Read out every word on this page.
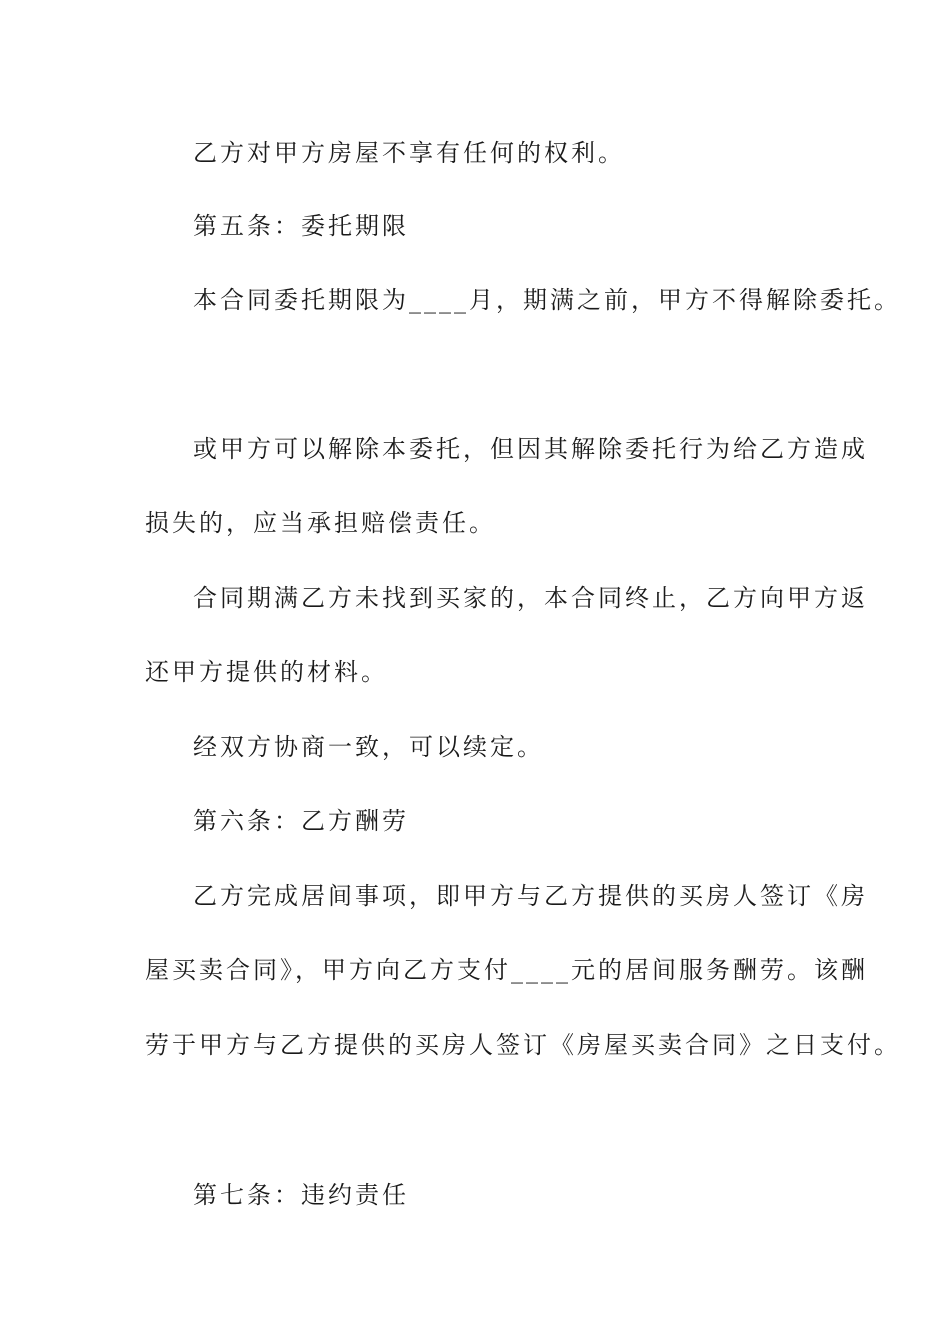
乙方对甲方房屋不享有任何的权利。
第五条：委托期限
本合同委托期限为____月，期满之前，甲方不得解除委托。
或甲方可以解除本委托，但因其解除委托行为给乙方造成
损失的，应当承担赔偿责任。
合同期满乙方未找到买家的，本合同终止，乙方向甲方返
还甲方提供的材料。
经双方协商一致，可以续定。
第六条：乙方酬劳
乙方完成居间事项，即甲方与乙方提供的买房人签订《房
屋买卖合同》，甲方向乙方支付____元的居间服务酬劳。该酬
劳于甲方与乙方提供的买房人签订《房屋买卖合同》之日支付。
第七条：违约责任
